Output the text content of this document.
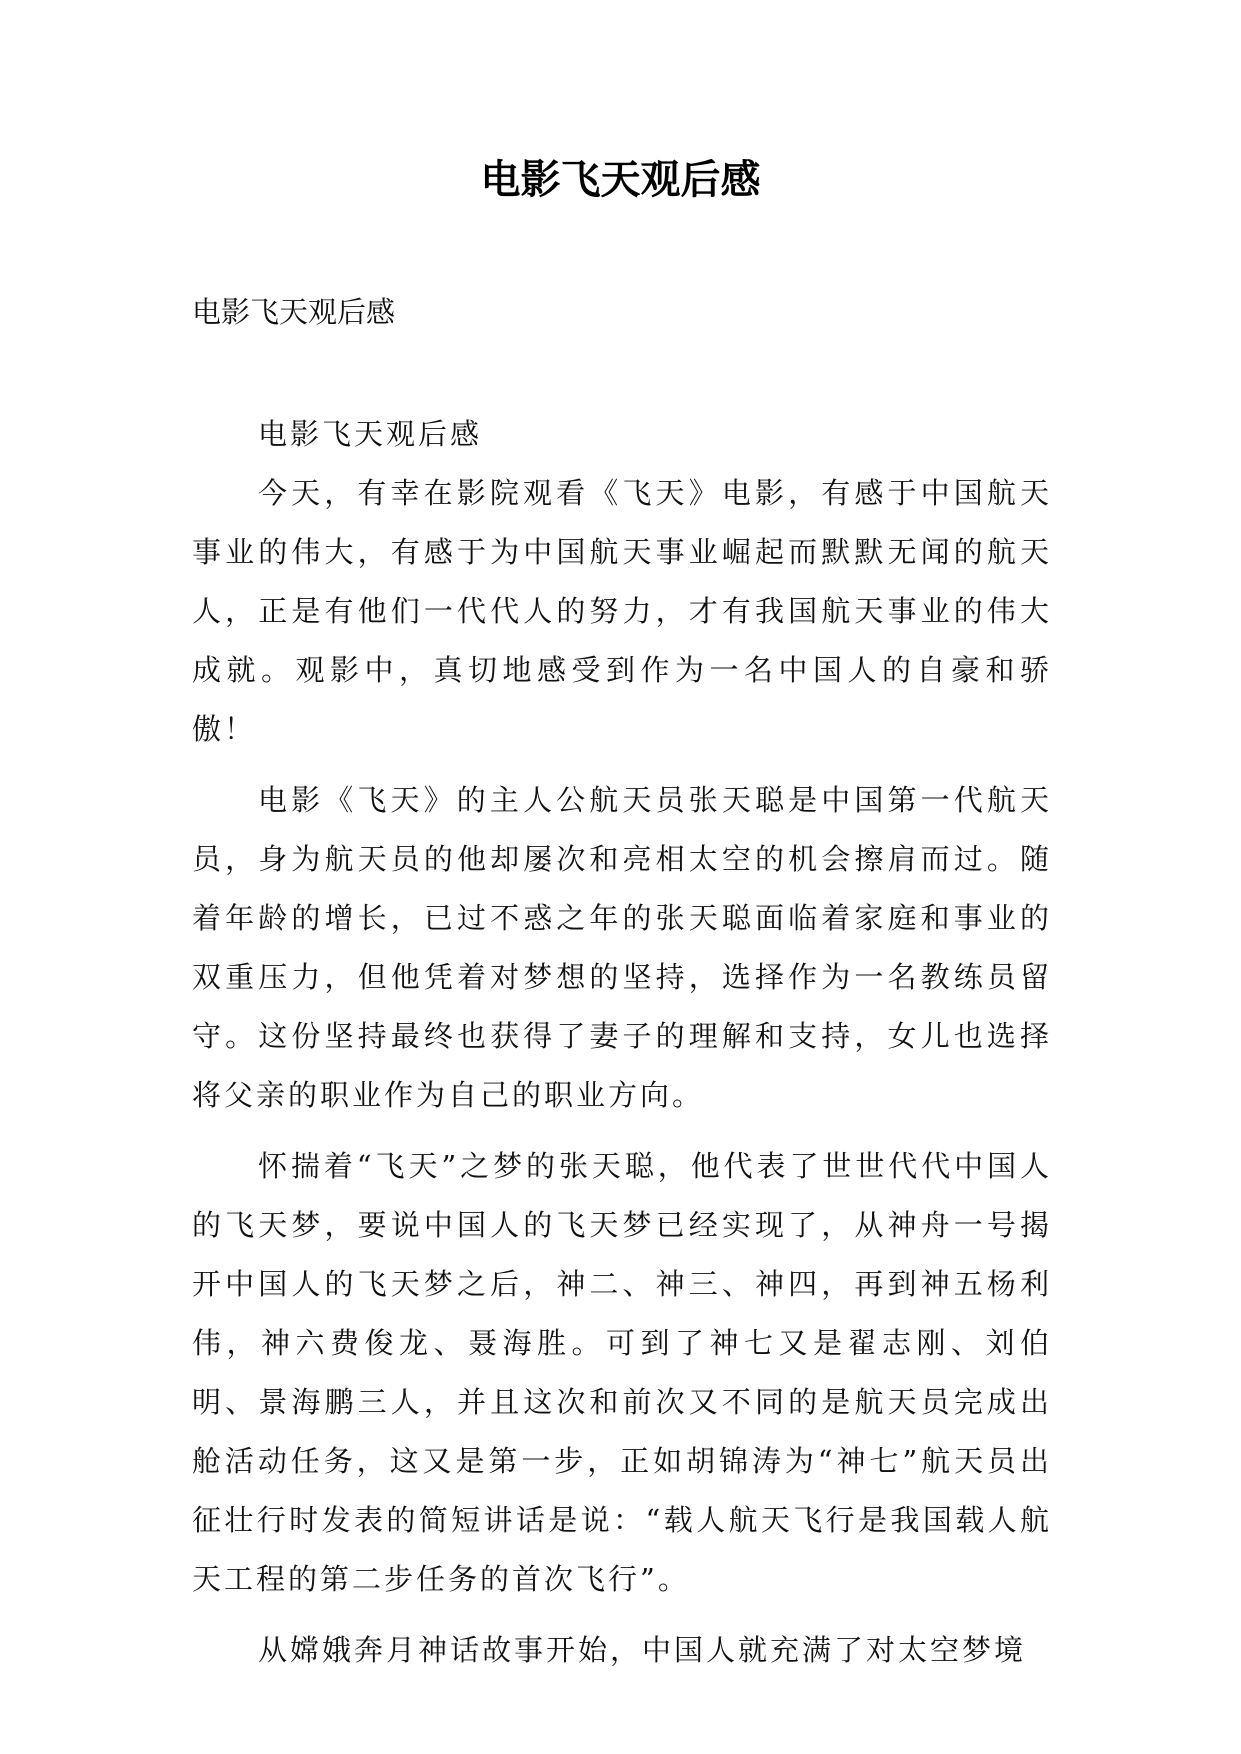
电影飞天观后感
电影飞天观后感

电影飞天观后感

今天，有幸在影院观看《飞天》电影，有感于中国航天事业的伟大，有感于为中国航天事业崛起而默默无闻的航天人，正是有他们一代代人的努力，才有我国航天事业的伟大成就。观影中，真切地感受到作为一名中国人的自豪和骄傲！

电影《飞天》的主人公航天员张天聪是中国第一代航天员，身为航天员的他却屡次和亮相太空的机会擦肩而过。随着年龄的增长，已过不惑之年的张天聪面临着家庭和事业的双重压力，但他凭着对梦想的坚持，选择作为一名教练员留守。这份坚持最终也获得了妻子的理解和支持，女儿也选择将父亲的职业作为自己的职业方向。

怀揣着“飞天”之梦的张天聪，他代表了世世代代中国人的飞天梦，要说中国人的飞天梦已经实现了，从神舟一号揭开中国人的飞天梦之后，神二、神三、神四，再到神五杨利伟，神六费俊龙、聂海胜。可到了神七又是翟志刚、刘伯明、景海鹏三人，并且这次和前次又不同的是航天员完成出舱活动任务，这又是第一步，正如胡锦涛为“神七”航天员出征壮行时发表的简短讲话是说：“载人航天飞行是我国载人航天工程的第二步任务的首次飞行”。

从嫦娥奔月神话故事开始，中国人就充满了对太空梦境
